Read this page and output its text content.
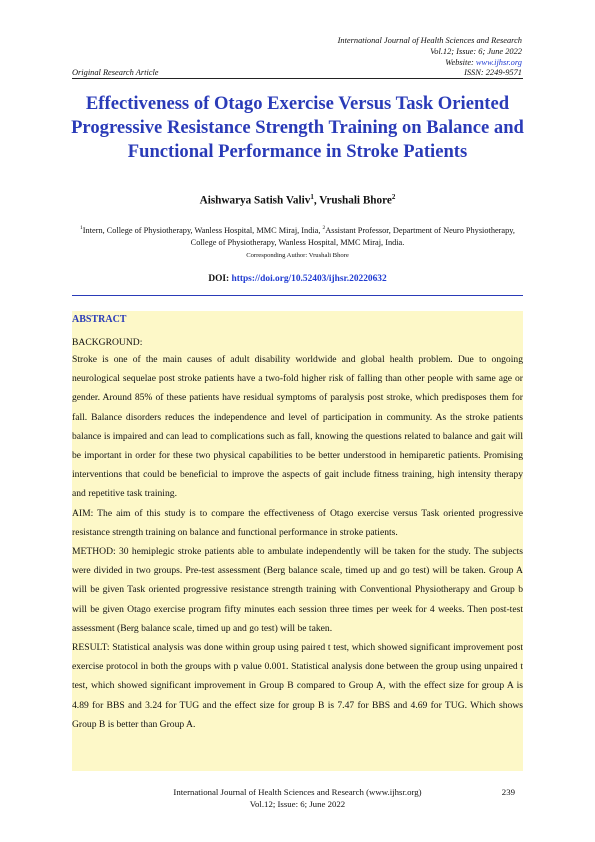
International Journal of Health Sciences and Research
Vol.12; Issue: 6; June 2022
Website: www.ijhsr.org
Original Research Article	ISSN: 2249-9571
Effectiveness of Otago Exercise Versus Task Oriented Progressive Resistance Strength Training on Balance and Functional Performance in Stroke Patients
Aishwarya Satish Valiv$^1$, Vrushali Bhore$^2$
$^1$Intern, College of Physiotherapy, Wanless Hospital, MMC Miraj, India, $^2$Assistant Professor, Department of Neuro Physiotherapy, College of Physiotherapy, Wanless Hospital, MMC Miraj, India.
Corresponding Author: Vrushali Bhore
DOI: https://doi.org/10.52403/ijhsr.20220632
ABSTRACT

BACKGROUND:

Stroke is one of the main causes of adult disability worldwide and global health problem. Due to ongoing neurological sequelae post stroke patients have a two-fold higher risk of falling than other people with same age or gender. Around 85% of these patients have residual symptoms of paralysis post stroke, which predisposes them for fall. Balance disorders reduces the independence and level of participation in community. As the stroke patients balance is impaired and can lead to complications such as fall, knowing the questions related to balance and gait will be important in order for these two physical capabilities to be better understood in hemiparetic patients. Promising interventions that could be beneficial to improve the aspects of gait include fitness training, high intensity therapy and repetitive task training.

AIM: The aim of this study is to compare the effectiveness of Otago exercise versus Task oriented progressive resistance strength training on balance and functional performance in stroke patients.

METHOD: 30 hemiplegic stroke patients able to ambulate independently will be taken for the study. The subjects were divided in two groups. Pre-test assessment (Berg balance scale, timed up and go test) will be taken. Group A will be given Task oriented progressive resistance strength training with Conventional Physiotherapy and Group b will be given Otago exercise program fifty minutes each session three times per week for 4 weeks. Then post-test assessment (Berg balance scale, timed up and go test) will be taken.

RESULT: Statistical analysis was done within group using paired t test, which showed significant improvement post exercise protocol in both the groups with p value 0.001. Statistical analysis done between the group using unpaired t test, which showed significant improvement in Group B compared to Group A, with the effect size for group A is 4.89 for BBS and 3.24 for TUG and the effect size for group B is 7.47 for BBS and 4.69 for TUG. Which shows Group B is better than Group A.

International Journal of Health Sciences and Research (www.ijhsr.org)	239
Vol.12; Issue: 6; June 2022
